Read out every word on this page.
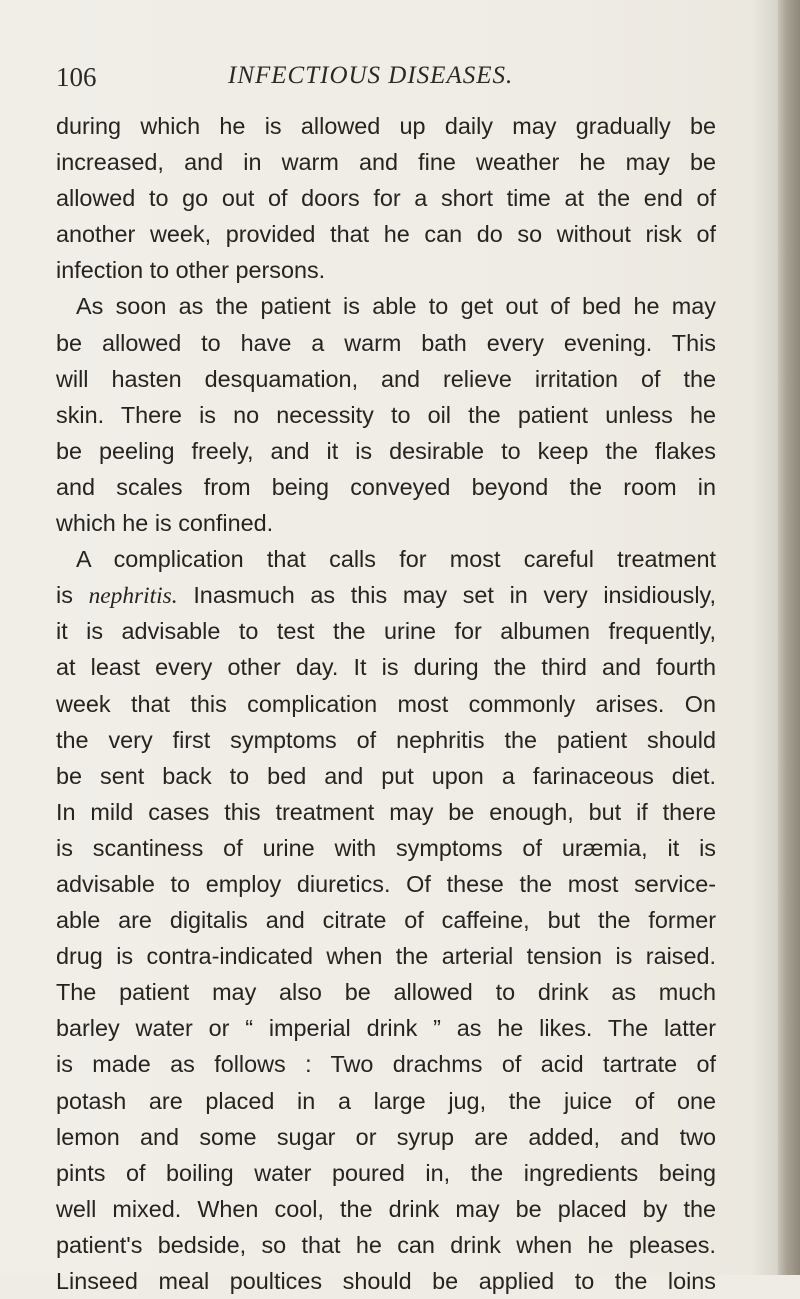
106	INFECTIOUS DISEASES.
during which he is allowed up daily may gradually be
increased, and in warm and fine weather he may be
allowed to go out of doors for a short time at the end of
another week, provided that he can do so without risk of
infection to other persons.
As soon as the patient is able to get out of bed he may
be allowed to have a warm bath every evening. This
will hasten desquamation, and relieve irritation of the
skin. There is no necessity to oil the patient unless he
be peeling freely, and it is desirable to keep the flakes
and scales from being conveyed beyond the room in
which he is confined.
A complication that calls for most careful treatment
is nephritis. Inasmuch as this may set in very insidiously,
it is advisable to test the urine for albumen frequently,
at least every other day. It is during the third and fourth
week that this complication most commonly arises. On
the very first symptoms of nephritis the patient should
be sent back to bed and put upon a farinaceous diet.
In mild cases this treatment may be enough, but if there
is scantiness of urine with symptoms of uræmia, it is
advisable to employ diuretics. Of these the most service-
able are digitalis and citrate of caffeine, but the former
drug is contra-indicated when the arterial tension is raised.
The patient may also be allowed to drink as much
barley water or “ imperial drink ” as he likes. The latter
is made as follows : Two drachms of acid tartrate of
potash are placed in a large jug, the juice of one
lemon and some sugar or syrup are added, and two
pints of boiling water poured in, the ingredients being
well mixed. When cool, the drink may be placed by the
patient's bedside, so that he can drink when he pleases.
Linseed meal poultices should be applied to the loins
